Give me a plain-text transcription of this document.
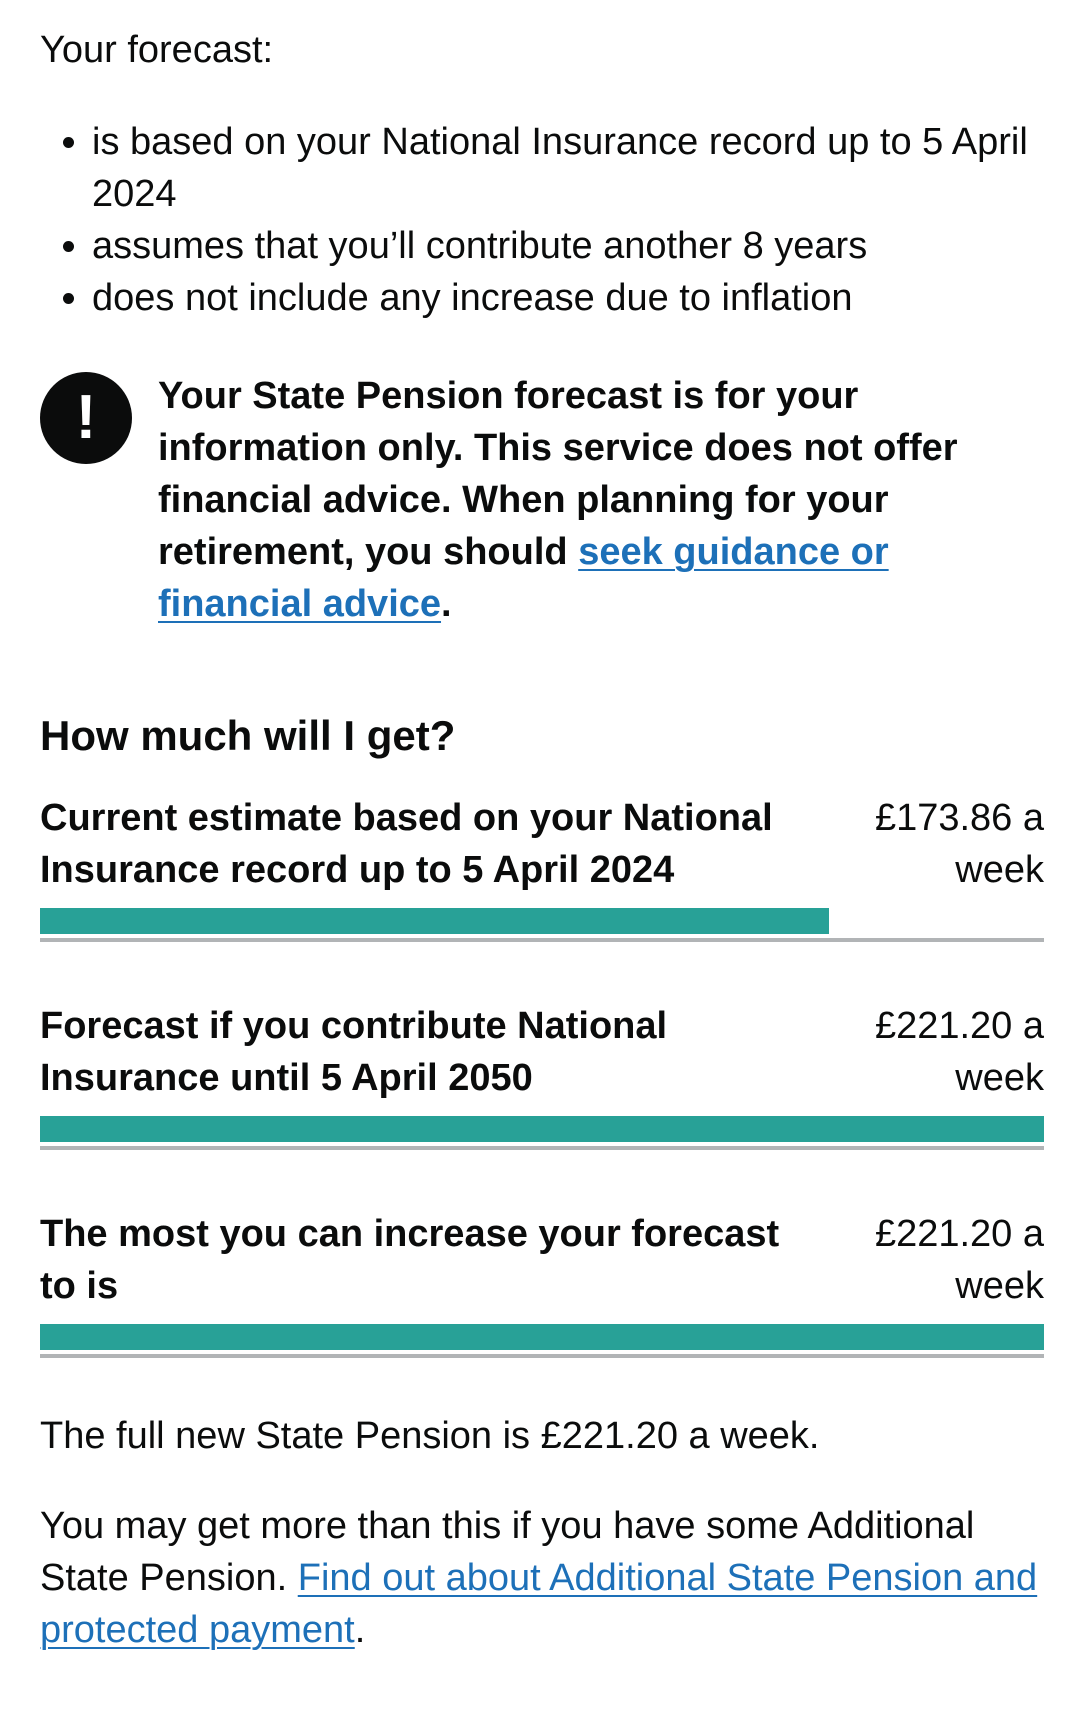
Your forecast:

• is based on your National Insurance record up to 5 April 2024
• assumes that you’ll contribute another 8 years
• does not include any increase due to inflation
!	Your State Pension forecast is for your information only. This service does not offer financial advice. When planning for your retirement, you should seek guidance or financial advice.
How much will I get?
Current estimate based on your National Insurance record up to 5 April 2024
£173.86 a week
Forecast if you contribute National Insurance until 5 April 2050
£221.20 a week
The most you can increase your forecast to is
£221.20 a week

The full new State Pension is £221.20 a week.

You may get more than this if you have some Additional State Pension. Find out about Additional State Pension and protected payment.
